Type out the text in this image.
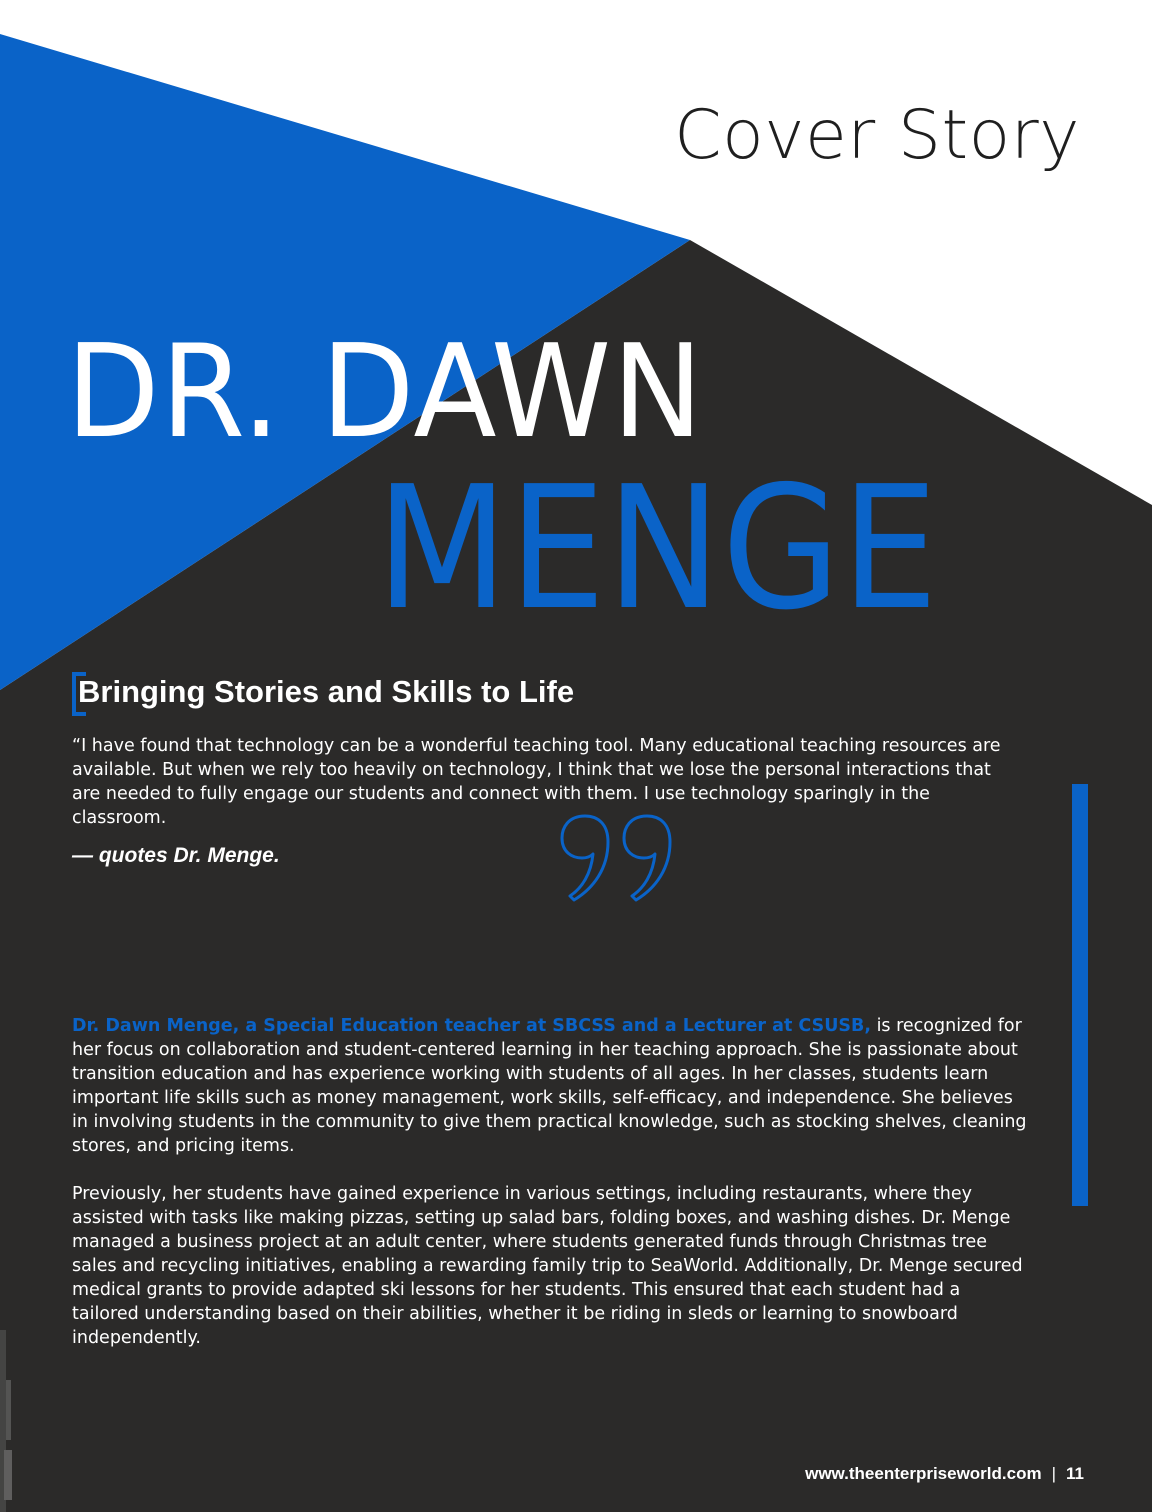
Cover Story
DR. DAWN
MENGE
Bringing Stories and Skills to Life
“I have found that technology can be a wonderful teaching tool. Many educational teaching resources are available. But when we rely too heavily on technology, I think that we lose the personal interactions that are needed to fully engage our students and connect with them. I use technology sparingly in the classroom.
— quotes Dr. Menge.

Dr. Dawn Menge, a Special Education teacher at SBCSS and a Lecturer at CSUSB, is recognized for her focus on collaboration and student-centered learning in her teaching approach. She is passionate about transition education and has experience working with students of all ages. In her classes, students learn important life skills such as money management, work skills, self-efficacy, and independence. She believes in involving students in the community to give them practical knowledge, such as stocking shelves, cleaning stores, and pricing items.

Previously, her students have gained experience in various settings, including restaurants, where they assisted with tasks like making pizzas, setting up salad bars, folding boxes, and washing dishes. Dr. Menge managed a business project at an adult center, where students generated funds through Christmas tree sales and recycling initiatives, enabling a rewarding family trip to SeaWorld. Additionally, Dr. Menge secured medical grants to provide adapted ski lessons for her students. This ensured that each student had a tailored understanding based on their abilities, whether it be riding in sleds or learning to snowboard independently.

www.theenterpriseworld.com | 11
